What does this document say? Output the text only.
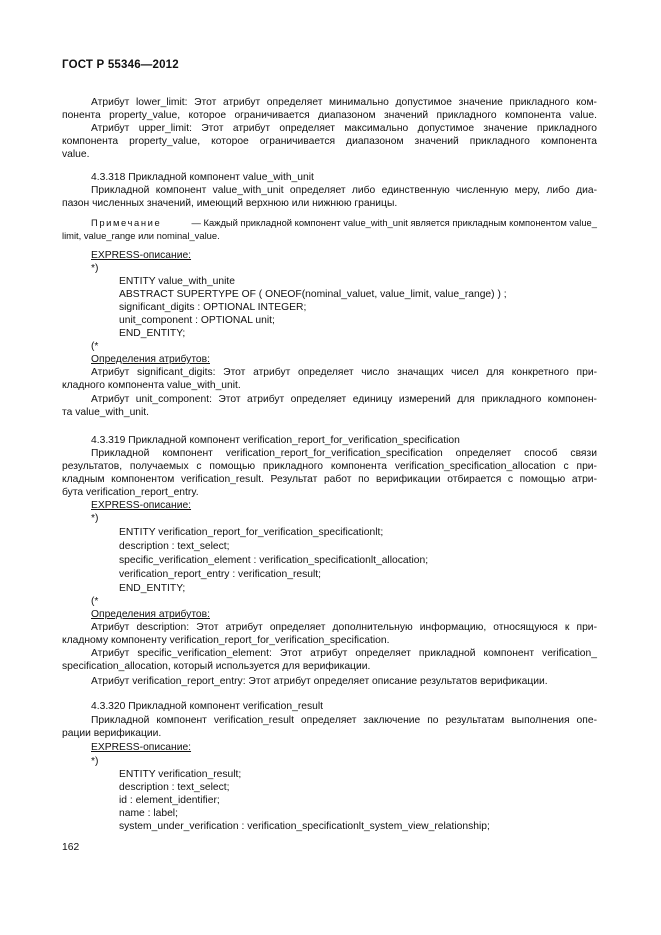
ГОСТ Р 55346—2012
Атрибут lower_limit: Этот атрибут определяет минимально допустимое значение прикладного ком-
понента property_value, которое ограничивается диапазоном значений прикладного компонента value.
Атрибут upper_limit: Этот атрибут определяет максимально допустимое значение прикладного
компонента property_value, которое ограничивается диапазоном значений прикладного компонента
value.
4.3.318 Прикладной компонент value_with_unit
Прикладной компонент value_with_unit определяет либо единственную численную меру, либо диа-
пазон численных значений, имеющий верхнюю или нижнюю границы.
Примечание	— Каждый прикладной компонент value_with_unit является прикладным компонентом value_
limit, value_range или nominal_value.
EXPRESS-описание:
*)
ENTITY value_with_unite
ABSTRACT SUPERTYPE OF ( ONEOF(nominal_valuet, value_limit, value_range) ) ;
significant_digits : OPTIONAL INTEGER;
unit_component : OPTIONAL unit;
END_ENTITY;
(*
Определения атрибутов:
Атрибут significant_digits: Этот атрибут определяет число значащих чисел для конкретного при-
кладного компонента value_with_unit.
Атрибут unit_component: Этот атрибут определяет единицу измерений для прикладного компонен-
та value_with_unit.
4.3.319 Прикладной компонент verification_report_for_verification_specification
Прикладной компонент verification_report_for_verification_specification определяет способ связи
результатов, получаемых с помощью прикладного компонента verification_specification_allocation с при-
кладным компонентом verification_result. Результат работ по верификации отбирается с помощью атри-
бута verification_report_entry.
EXPRESS-описание:
*)
ENTITY verification_report_for_verification_specificationlt;
description : text_select;
specific_verification_element : verification_specificationlt_allocation;
verification_report_entry : verification_result;
END_ENTITY;
(*
Определения атрибутов:
Атрибут description: Этот атрибут определяет дополнительную информацию, относящуюся к при-
кладному компоненту verification_report_for_verification_specification.
Атрибут specific_verification_element: Этот атрибут определяет прикладной компонент verification_
specification_allocation, который используется для верификации.
Атрибут verification_report_entry: Этот атрибут определяет описание результатов верификации.
4.3.320 Прикладной компонент verification_result
Прикладной компонент verification_result определяет заключение по результатам выполнения опе-
рации верификации.
EXPRESS-описание:
*)
ENTITY verification_result;
description : text_select;
id : element_identifier;
name : label;
system_under_verification : verification_specificationlt_system_view_relationship;
162
